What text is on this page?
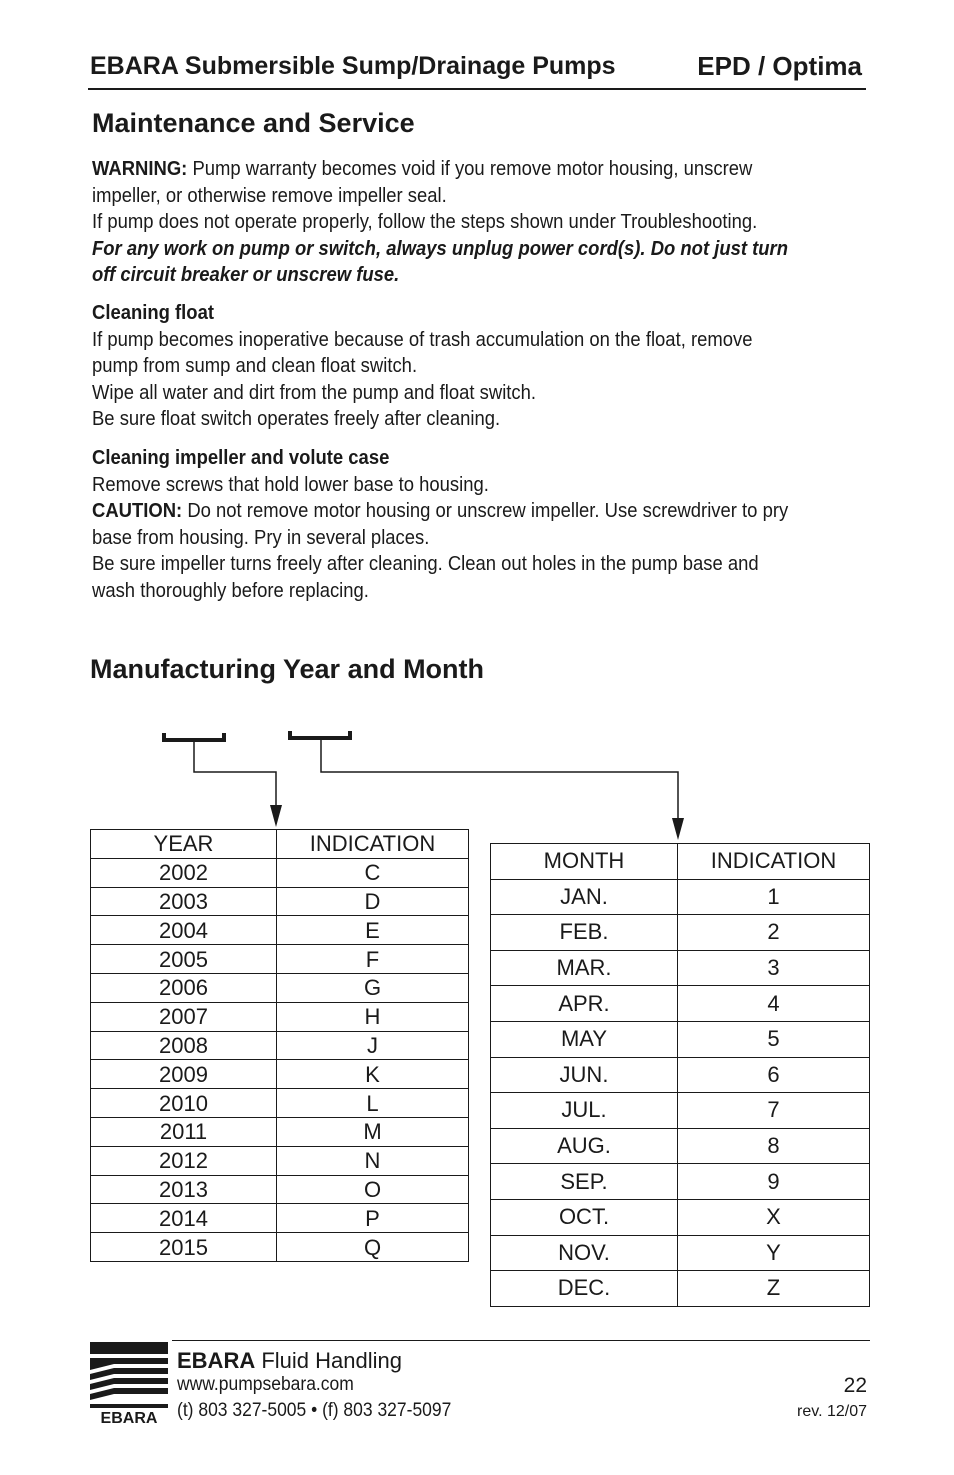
EBARA Submersible Sump/Drainage Pumps	EPD / Optima
Maintenance and Service

WARNING: Pump warranty becomes void if you remove motor housing, unscrew impeller, or otherwise remove impeller seal.

If pump does not operate properly, follow the steps shown under Troubleshooting.

For any work on pump or switch, always unplug power cord(s). Do not just turn off circuit breaker or unscrew fuse.

Cleaning float

If pump becomes inoperative because of trash accumulation on the float, remove pump from sump and clean float switch.

Wipe all water and dirt from the pump and float switch.

Be sure float switch operates freely after cleaning.

Cleaning impeller and volute case

Remove screws that hold lower base to housing.

CAUTION: Do not remove motor housing or unscrew impeller. Use screwdriver to pry base from housing. Pry in several places.

Be sure impeller turns freely after cleaning. Clean out holes in the pump base and wash thoroughly before replacing.

Manufacturing Year and Month
YEAR	INDICATION
2002	C
2003	D
2004	E
2005	F
2006	G
2007	H
2008	J
2009	K
2010	L
2011	M
2012	N
2013	O
2014	P
2015	Q
MONTH	INDICATION
JAN.	1
FEB.	2
MAR.	3
APR.	4
MAY	5
JUN.	6
JUL.	7
AUG.	8
SEP.	9
OCT.	X
NOV.	Y
DEC.	Z
EBARA
EBARA Fluid Handling
www.pumpsebara.com
(t) 803 327-5005 • (f) 803 327-5097
22
rev. 12/07
